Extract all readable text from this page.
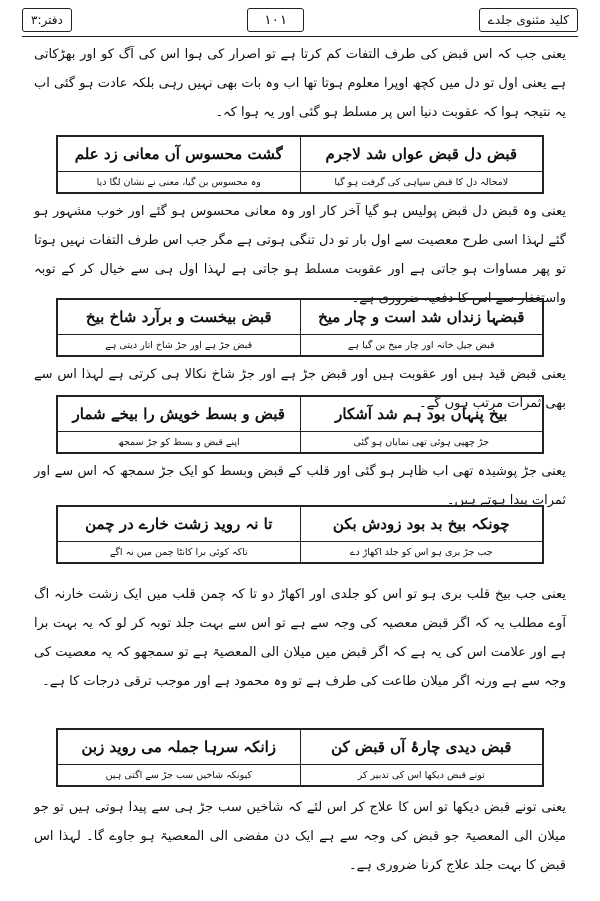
دفتر:۳	۱۰۱	کلید مثنوی جلدے
یعنی جب کہ اس قبض کی طرف التفات کم کرتا ہے تو اصرار کی ہوا اس کی آگ کو اور بھڑکاتی ہے یعنی اول تو دل میں کچھ اوپرا معلوم ہوتا تھا اب وہ بات بھی نہیں رہی بلکہ عادت ہو گئی اب یہ نتیجہ ہوا کہ عقوبت دنیا اس پر مسلط ہو گئی اور یہ ہوا کہ۔
قبض دل قبض عواں شد لاجرم
گشت محسوس آں معانی زد علم
لامحالہ دل کا قبض سپاہی کی گرفت ہو گیا
وہ محسوس بن گیا، معنی نے نشان لگا دیا
یعنی وہ قبض دل قبض پولیس ہو گیا آخر کار اور وہ معانی محسوس ہو گئے اور خوب مشہور ہو گئے لہذا اسی طرح معصیت سے اول بار تو دل تنگی ہوتی ہے مگر جب اس طرف التفات نہیں ہوتا تو پھر مساوات ہو جاتی ہے اور عقوبت مسلط ہو جاتی ہے لہذا اول ہی سے خیال کر کے توبہ واستغفار سے اس کا دفعیہ ضروری ہے۔
قبضہا زنداں شد است و چار میخ
قبض بیخست و برآرد شاخ بیخ
قبض جیل خانہ اور چار میخ بن گیا ہے
قبض جڑ ہے اور جڑ شاخ اتار دیتی ہے
یعنی قبض قید ہیں اور عقوبت ہیں اور قبض جڑ ہے اور جڑ شاخ نکالا ہی کرتی ہے لہذا اس سے بھی ثمرات مرتب ہوں گے۔
بیخ پنہاں بود ہم شد آشکار
قبض و بسط خویش را بیخے شمار
جڑ چھپی ہوئی تھی نمایاں ہو گئی
اپنے قبض و بسط کو جڑ سمجھ
یعنی جڑ پوشیدہ تھی اب ظاہر ہو گئی اور قلب کے قبض وبسط کو ایک جڑ سمجھ کہ اس سے اور ثمرات پیدا ہوتے ہیں۔
چونکہ بیخ بد بود زودش بکن
تا نہ روید زشت خارے در چمن
جب جڑ بری ہو اس کو جلد اکھاڑ دے
تاکہ کوئی برا کانٹا چمن میں نہ اگے
یعنی جب بیخ قلب بری ہو تو اس کو جلدی اور اکھاڑ دو تا کہ چمن قلب میں ایک زشت خارنہ اگ آوے مطلب یہ کہ اگر قبض معصیہ کی وجہ سے ہے تو اس سے بہت جلد توبہ کر لو کہ یہ بہت برا ہے اور علامت اس کی یہ ہے کہ اگر قبض میں میلان الی المعصیۃ ہے تو سمجھو کہ یہ معصیت کی وجہ سے ہے ورنہ اگر میلان طاعت کی طرف ہے تو وہ محمود ہے اور موجب ترقی درجات کا ہے۔
قبض دیدی چارۂ آں قبض کن
زانکہ سرہا جملہ می روید زبن
تونے قبض دیکھا اس کی تدبیر کر
کیونکہ شاخیں سب جڑ سے اگتی ہیں
یعنی تونے قبض دیکھا تو اس کا علاج کر اس لئے کہ شاخیں سب جڑ ہی سے پیدا ہوتی ہیں تو جو میلان الی المعصیۃ جو قبض کی وجہ سے ہے ایک دن مفضی الی المعصیۃ ہو جاوے گا۔ لہذا اس قبض کا بہت جلد علاج کرنا ضروری ہے۔
